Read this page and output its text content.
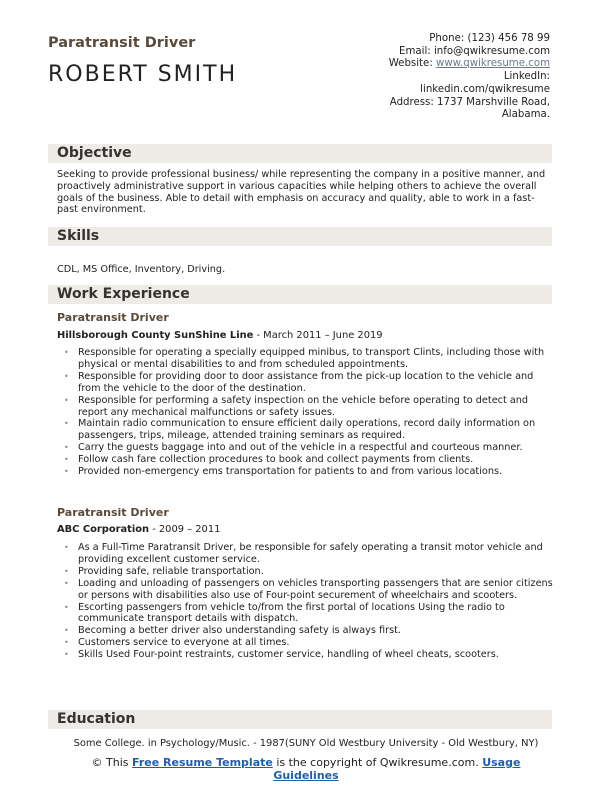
Paratransit Driver
ROBERT SMITH
Phone: (123) 456 78 99
Email: info@qwikresume.com
Website: www.qwikresume.com
LinkedIn:
linkedin.com/qwikresume
Address: 1737 Marshville Road,
Alabama.
Objective
Seeking to provide professional business/ while representing the company in a positive manner, and proactively administrative support in various capacities while helping others to achieve the overall goals of the business. Able to detail with emphasis on accuracy and quality, able to work in a fast-past environment.
Skills
CDL, MS Office, Inventory, Driving.
Work Experience
Paratransit Driver
Hillsborough County SunShine Line - March 2011 – June 2019
• Responsible for operating a specially equipped minibus, to transport Clints, including those with physical or mental disabilities to and from scheduled appointments.
• Responsible for providing door to door assistance from the pick-up location to the vehicle and from the vehicle to the door of the destination.
• Responsible for performing a safety inspection on the vehicle before operating to detect and report any mechanical malfunctions or safety issues.
• Maintain radio communication to ensure efficient daily operations, record daily information on passengers, trips, mileage, attended training seminars as required.
• Carry the guests baggage into and out of the vehicle in a respectful and courteous manner.
• Follow cash fare collection procedures to book and collect payments from clients.
• Provided non-emergency ems transportation for patients to and from various locations.
Paratransit Driver
ABC Corporation - 2009 – 2011
• As a Full-Time Paratransit Driver, be responsible for safely operating a transit motor vehicle and providing excellent customer service.
• Providing safe, reliable transportation.
• Loading and unloading of passengers on vehicles transporting passengers that are senior citizens or persons with disabilities also use of Four-point securement of wheelchairs and scooters.
• Escorting passengers from vehicle to/from the first portal of locations Using the radio to communicate transport details with dispatch.
• Becoming a better driver also understanding safety is always first.
• Customers service to everyone at all times.
• Skills Used Four-point restraints, customer service, handling of wheel cheats, scooters.
Education
Some College. in Psychology/Music. - 1987(SUNY Old Westbury University - Old Westbury, NY)
© This Free Resume Template is the copyright of Qwikresume.com. Usage Guidelines
